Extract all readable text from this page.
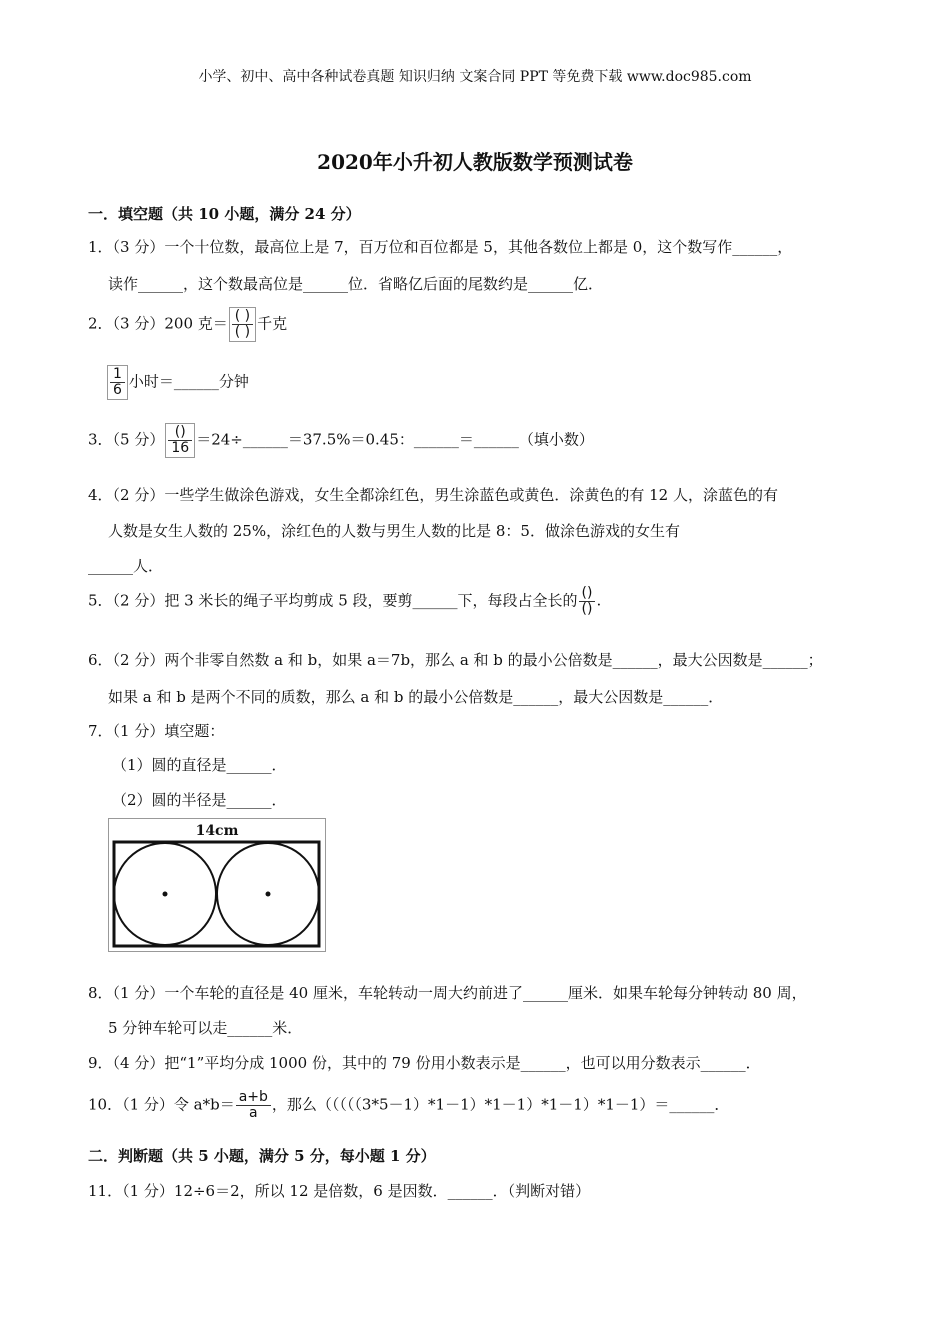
小学、初中、高中各种试卷真题 知识归纳 文案合同 PPT 等免费下载 www.doc985.com
2020年小升初人教版数学预测试卷
一．填空题（共 10 小题，满分 24 分）
1．（3 分）一个十位数，最高位上是 7，百万位和百位都是 5，其他各数位上都是 0，这个数写作______，
读作______，这个数最高位是______位．省略亿后面的尾数约是______亿．
2．（3 分）200 克＝ $\frac{( )}{( )}$ 千克
$\frac{1}{6}$ 小时＝______分钟
3．（5 分） $\frac{()}{16}$ ＝24÷______＝37.5%＝0.45：______＝______（填小数）
4．（2 分）一些学生做涂色游戏，女生全都涂红色，男生涂蓝色或黄色．涂黄色的有 12 人，涂蓝色的有
人数是女生人数的 25%，涂红色的人数与男生人数的比是 8：5．做涂色游戏的女生有
______人．
5．（2 分）把 3 米长的绳子平均剪成 5 段，要剪______下，每段占全长的 $\frac{()}{()}$ .
6．（2 分）两个非零自然数 a 和 b，如果 a＝7b，那么 a 和 b 的最小公倍数是______，最大公因数是______；
如果 a 和 b 是两个不同的质数，那么 a 和 b 的最小公倍数是______，最大公因数是______．
7．（1 分）填空题：
（1）圆的直径是______．
（2）圆的半径是______．
14cm
8．（1 分）一个车轮的直径是 40 厘米，车轮转动一周大约前进了______厘米．如果车轮每分钟转动 80 周，
5 分钟车轮可以走______米．
9．（4 分）把“1”平均分成 1000 份，其中的 79 份用小数表示是______，也可以用分数表示______．
10．（1 分）令 $a*b= \frac{a+b}{a}$ ，那么（（（（（3*5－1）*1－1）*1－1）*1－1）*1－1）＝______．
二．判断题（共 5 小题，满分 5 分，每小题 1 分）
11．（1 分）12÷6＝2，所以 12 是倍数，6 是因数．______．（判断对错）
